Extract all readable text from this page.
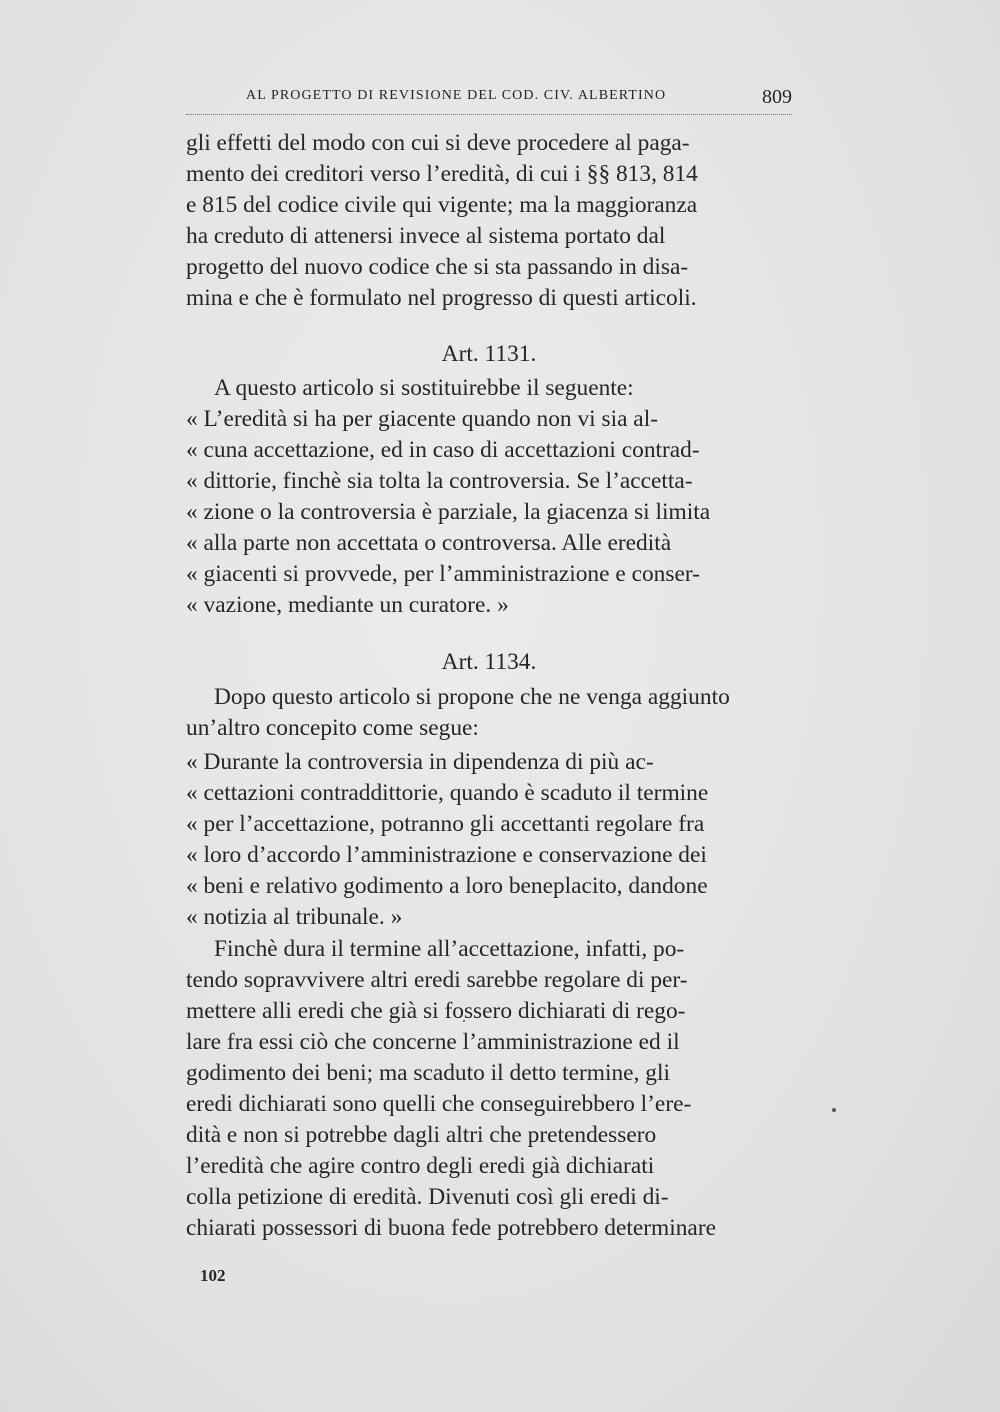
AL PROGETTO DI REVISIONE DEL COD. CIV. ALBERTINO	809
gli effetti del modo con cui si deve procedere al paga-
mento dei creditori verso l’eredità, di cui i §§ 813, 814
e 815 del codice civile qui vigente; ma la maggioranza
ha creduto di attenersi invece al sistema portato dal
progetto del nuovo codice che si sta passando in disa-
mina e che è formulato nel progresso di questi articoli.
Art. 1131.
A questo articolo si sostituirebbe il seguente:
« L’eredità si ha per giacente quando non vi sia al-
« cuna accettazione, ed in caso di accettazioni contrad-
« dittorie, finchè sia tolta la controversia. Se l’accetta-
« zione o la controversia è parziale, la giacenza si limita
« alla parte non accettata o controversa. Alle eredità
« giacenti si provvede, per l’amministrazione e conser-
« vazione, mediante un curatore. »
Art. 1134.
Dopo questo articolo si propone che ne venga aggiunto
un’altro concepito come segue:
« Durante la controversia in dipendenza di più ac-
« cettazioni contraddittorie, quando è scaduto il termine
« per l’accettazione, potranno gli accettanti regolare fra
« loro d’accordo l’amministrazione e conservazione dei
« beni e relativo godimento a loro beneplacito, dandone
« notizia al tribunale. »
Finchè dura il termine all’accettazione, infatti, po-
tendo sopravvivere altri eredi sarebbe regolare di per-
mettere alli eredi che già si fossero dichiarati di rego-
lare fra essi ciò che concerne l’amministrazione ed il
godimento dei beni; ma scaduto il detto termine, gli
eredi dichiarati sono quelli che conseguirebbero l’ere-
dità e non si potrebbe dagli altri che pretendessero
l’eredità che agire contro degli eredi già dichiarati
colla petizione di eredità. Divenuti così gli eredi di-
chiarati possessori di buona fede potrebbero determinare
102
